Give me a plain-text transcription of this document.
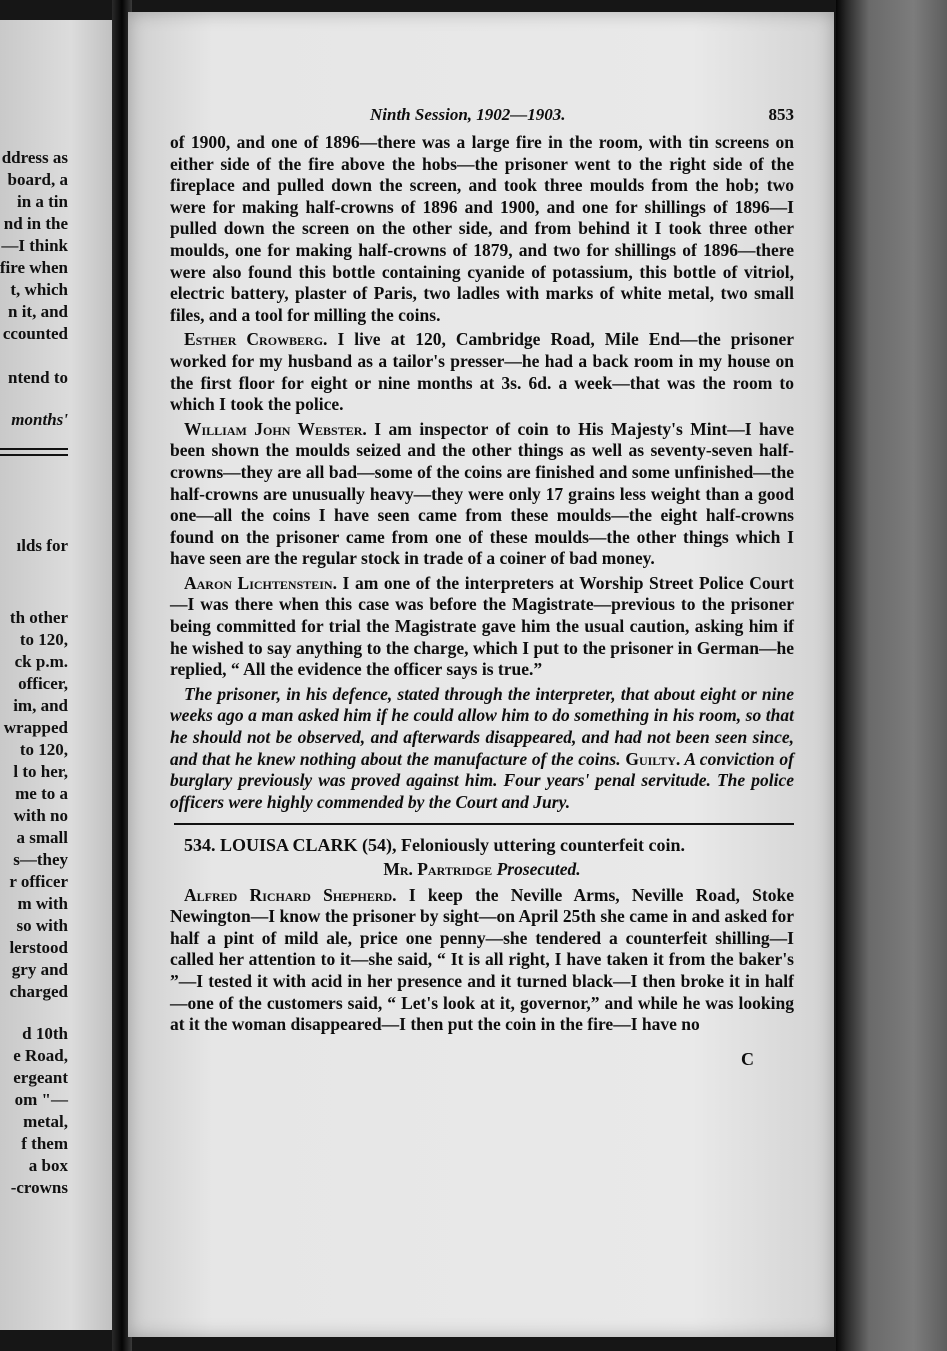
ddress as
board, a
in a tin
nd in the
—I think
fire when
t, which
n it, and
ccounted
ntend to
months'
ılds for
th other
to 120,
ck p.m.
officer,
im, and
wrapped
to 120,
l to her,
me to a
with no
a small
s—they
r officer
m with
so with
lerstood
gry and
charged
d 10th
e Road,
ergeant
om "—
metal,
f them
a box
-crowns
Ninth Session, 1902—1903.	853

of 1900, and one of 1896—there was a large fire in the room, with tin screens on either side of the fire above the hobs—the prisoner went to the right side of the fireplace and pulled down the screen, and took three moulds from the hob; two were for making half-crowns of 1896 and 1900, and one for shillings of 1896—I pulled down the screen on the other side, and from behind it I took three other moulds, one for making half-crowns of 1879, and two for shillings of 1896—there were also found this bottle containing cyanide of potassium, this bottle of vitriol, electric battery, plaster of Paris, two ladles with marks of white metal, two small files, and a tool for milling the coins.

Esther Crowberg. I live at 120, Cambridge Road, Mile End—the prisoner worked for my husband as a tailor's presser—he had a back room in my house on the first floor for eight or nine months at 3s. 6d. a week—that was the room to which I took the police.

William John Webster. I am inspector of coin to His Majesty's Mint—I have been shown the moulds seized and the other things as well as seventy-seven half-crowns—they are all bad—some of the coins are finished and some unfinished—the half-crowns are unusually heavy—they were only 17 grains less weight than a good one—all the coins I have seen came from these moulds—the eight half-crowns found on the prisoner came from one of these moulds—the other things which I have seen are the regular stock in trade of a coiner of bad money.

Aaron Lichtenstein. I am one of the interpreters at Worship Street Police Court—I was there when this case was before the Magistrate—previous to the prisoner being committed for trial the Magistrate gave him the usual caution, asking him if he wished to say anything to the charge, which I put to the prisoner in German—he replied, “ All the evidence the officer says is true.”

The prisoner, in his defence, stated through the interpreter, that about eight or nine weeks ago a man asked him if he could allow him to do something in his room, so that he should not be observed, and afterwards disappeared, and had not been seen since, and that he knew nothing about the manufacture of the coins. Guilty. A conviction of burglary previously was proved against him. Four years' penal servitude. The police officers were highly commended by the Court and Jury.

534. LOUISA CLARK (54), Feloniously uttering counterfeit coin.

Mr. Partridge Prosecuted.

Alfred Richard Shepherd. I keep the Neville Arms, Neville Road, Stoke Newington—I know the prisoner by sight—on April 25th she came in and asked for half a pint of mild ale, price one penny—she tendered a counterfeit shilling—I called her attention to it—she said, “ It is all right, I have taken it from the baker's ”—I tested it with acid in her presence and it turned black—I then broke it in half—one of the customers said, “ Let's look at it, governor,” and while he was looking at it the woman disappeared—I then put the coin in the fire—I have no

C
